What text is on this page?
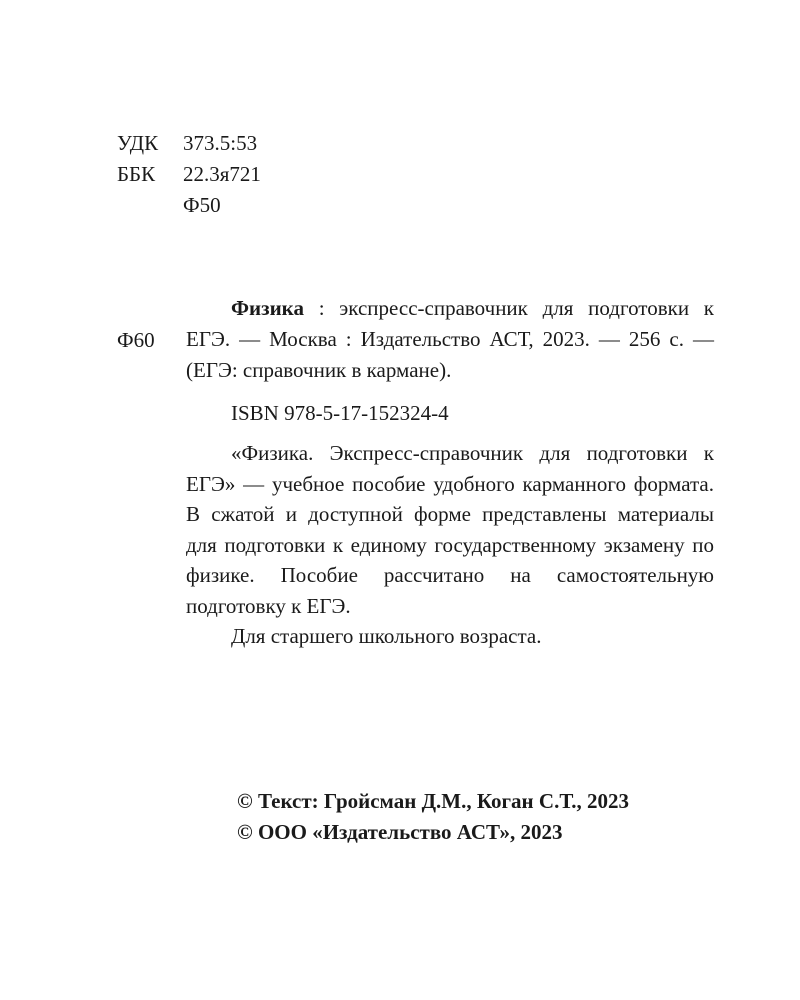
УДК	373.5:53
ББК	22.3я721
Ф50
Ф60

Физика : экспресс-справочник для подготовки к ЕГЭ. — Москва : Издательство АСТ, 2023. — 256 с. — (ЕГЭ: справочник в кармане).

ISBN 978-5-17-152324-4

«Физика. Экспресс-справочник для подготовки к ЕГЭ» — учебное пособие удобного карманного формата. В сжатой и доступной форме представлены материалы для подготовки к единому государственному экзамену по физике. Пособие рассчитано на самостоятельную подготовку к ЕГЭ.

Для старшего школьного возраста.

© Текст: Гройсман Д.М., Коган С.Т., 2023
© ООО «Издательство АСТ», 2023
